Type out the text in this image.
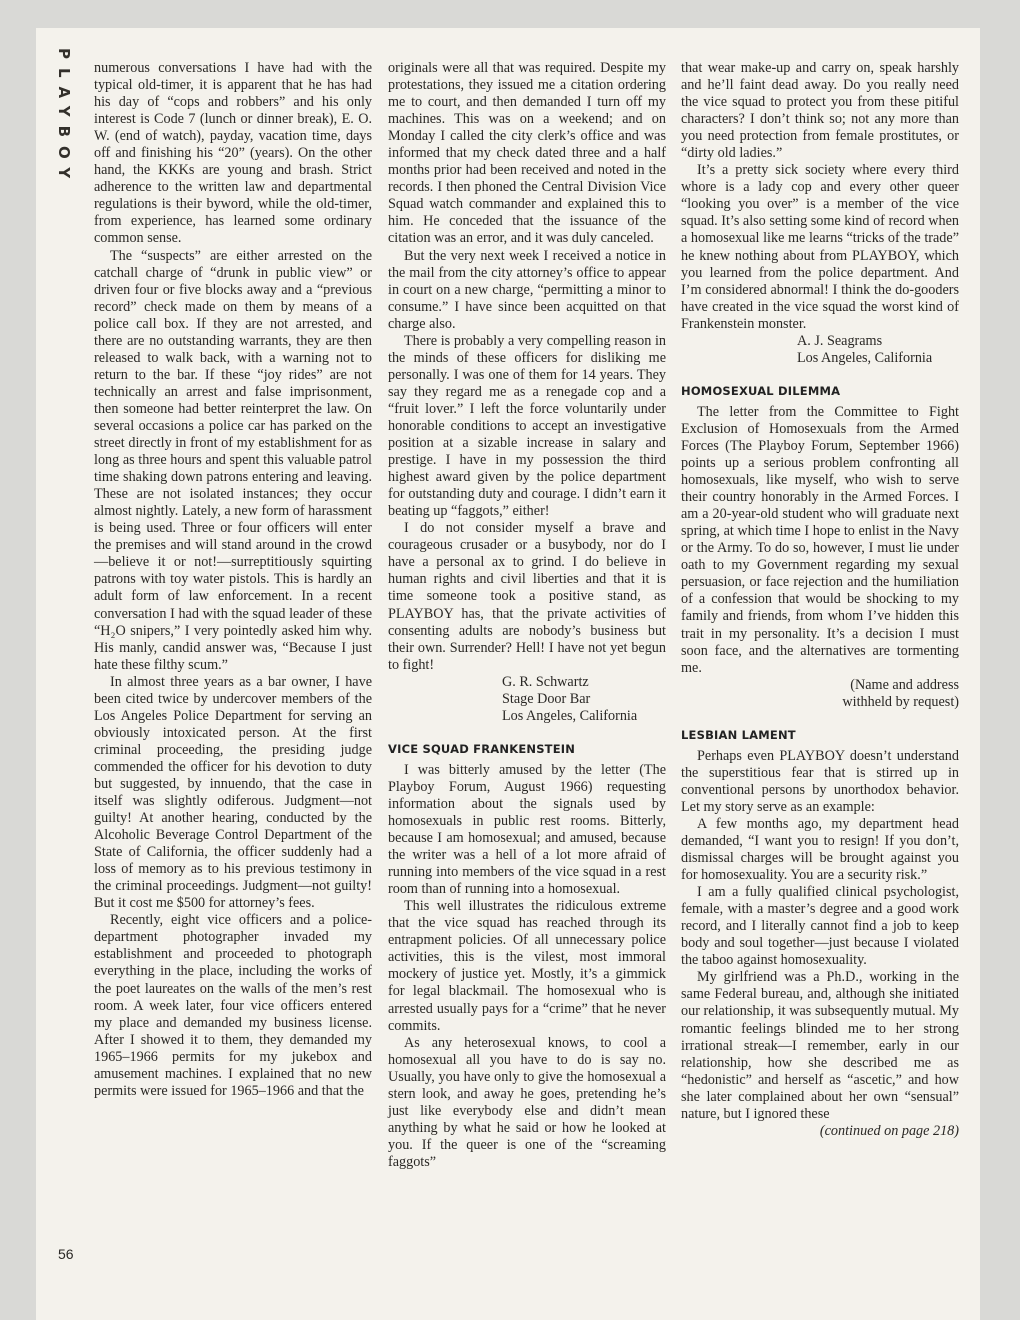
56

numerous conversations I have had with the typical old-timer, it is apparent that he has had his day of “cops and robbers” and his only interest is Code 7 (lunch or dinner break), E. O. W. (end of watch), payday, vacation time, days off and finishing his “20” (years). On the other hand, the KKKs are young and brash. Strict adherence to the written law and departmental regulations is their byword, while the old-timer, from experience, has learned some ordinary common sense.

The “suspects” are either arrested on the catchall charge of “drunk in public view” or driven four or five blocks away and a “previous record” check made on them by means of a police call box. If they are not arrested, and there are no outstanding warrants, they are then released to walk back, with a warning not to return to the bar. If these “joy rides” are not technically an arrest and false imprisonment, then someone had better reinterpret the law. On several occasions a police car has parked on the street directly in front of my establishment for as long as three hours and spent this valuable patrol time shaking down patrons entering and leaving. These are not isolated instances; they occur almost nightly. Lately, a new form of harassment is being used. Three or four officers will enter the premises and will stand around in the crowd—believe it or not!—surreptitiously squirting patrons with toy water pistols. This is hardly an adult form of law enforcement. In a recent conversation I had with the squad leader of these “H₂O snipers,” I very pointedly asked him why. His manly, candid answer was, “Because I just hate these filthy scum.”

In almost three years as a bar owner, I have been cited twice by undercover members of the Los Angeles Police Department for serving an obviously intoxicated person. At the first criminal proceeding, the presiding judge commended the officer for his devotion to duty but suggested, by innuendo, that the case in itself was slightly odiferous. Judgment—not guilty! At another hearing, conducted by the Alcoholic Beverage Control Department of the State of California, the officer suddenly had a loss of memory as to his previous testimony in the criminal proceedings. Judgment—not guilty! But it cost me $500 for attorney’s fees.

Recently, eight vice officers and a police-department photographer invaded my establishment and proceeded to photograph everything in the place, including the works of the poet laureates on the walls of the men’s rest room. A week later, four vice officers entered my place and demanded my business license. After I showed it to them, they demanded my 1965–1966 permits for my jukebox and amusement machines. I explained that no new permits were issued for 1965–1966 and that the

originals were all that was required. Despite my protestations, they issued me a citation ordering me to court, and then demanded I turn off my machines. This was on a weekend; and on Monday I called the city clerk’s office and was informed that my check dated three and a half months prior had been received and noted in the records. I then phoned the Central Division Vice Squad watch commander and explained this to him. He conceded that the issuance of the citation was an error, and it was duly canceled.

But the very next week I received a notice in the mail from the city attorney’s office to appear in court on a new charge, “permitting a minor to consume.” I have since been acquitted on that charge also.

There is probably a very compelling reason in the minds of these officers for disliking me personally. I was one of them for 14 years. They say they regard me as a renegade cop and a “fruit lover.” I left the force voluntarily under honorable conditions to accept an investigative position at a sizable increase in salary and prestige. I have in my possession the third highest award given by the police department for outstanding duty and courage. I didn’t earn it beating up “faggots,” either!

I do not consider myself a brave and courageous crusader or a busybody, nor do I have a personal ax to grind. I do believe in human rights and civil liberties and that it is time someone took a positive stand, as PLAYBOY has, that the private activities of consenting adults are nobody’s business but their own. Surrender? Hell! I have not yet begun to fight!

G. R. Schwartz
Stage Door Bar
Los Angeles, California
VICE SQUAD FRANKENSTEIN

I was bitterly amused by the letter (The Playboy Forum, August 1966) requesting information about the signals used by homosexuals in public rest rooms. Bitterly, because I am homosexual; and amused, because the writer was a hell of a lot more afraid of running into members of the vice squad in a rest room than of running into a homosexual.

This well illustrates the ridiculous extreme that the vice squad has reached through its entrapment policies. Of all unnecessary police activities, this is the vilest, most immoral mockery of justice yet. Mostly, it’s a gimmick for legal blackmail. The homosexual who is arrested usually pays for a “crime” that he never commits.

As any heterosexual knows, to cool a homosexual all you have to do is say no. Usually, you have only to give the homosexual a stern look, and away he goes, pretending he’s just like everybody else and didn’t mean anything by what he said or how he looked at you. If the queer is one of the “screaming faggots”

that wear make-up and carry on, speak harshly and he’ll faint dead away. Do you really need the vice squad to protect you from these pitiful characters? I don’t think so; not any more than you need protection from female prostitutes, or “dirty old ladies.”

It’s a pretty sick society where every third whore is a lady cop and every other queer “looking you over” is a member of the vice squad. It’s also setting some kind of record when a homosexual like me learns “tricks of the trade” he knew nothing about from PLAYBOY, which you learned from the police department. And I’m considered abnormal! I think the do-gooders have created in the vice squad the worst kind of Frankenstein monster.

A. J. Seagrams
Los Angeles, California
HOMOSEXUAL DILEMMA

The letter from the Committee to Fight Exclusion of Homosexuals from the Armed Forces (The Playboy Forum, September 1966) points up a serious problem confronting all homosexuals, like myself, who wish to serve their country honorably in the Armed Forces. I am a 20-year-old student who will graduate next spring, at which time I hope to enlist in the Navy or the Army. To do so, however, I must lie under oath to my Government regarding my sexual persuasion, or face rejection and the humiliation of a confession that would be shocking to my family and friends, from whom I’ve hidden this trait in my personality. It’s a decision I must soon face, and the alternatives are tormenting me.

(Name and address
withheld by request)
LESBIAN LAMENT

Perhaps even PLAYBOY doesn’t understand the superstitious fear that is stirred up in conventional persons by unorthodox behavior. Let my story serve as an example:

A few months ago, my department head demanded, “I want you to resign! If you don’t, dismissal charges will be brought against you for homosexuality. You are a security risk.”

I am a fully qualified clinical psychologist, female, with a master’s degree and a good work record, and I literally cannot find a job to keep body and soul together—just because I violated the taboo against homosexuality.

My girlfriend was a Ph.D., working in the same Federal bureau, and, although she initiated our relationship, it was subsequently mutual. My romantic feelings blinded me to her strong irrational streak—I remember, early in our relationship, how she described me as “hedonistic” and herself as “ascetic,” and how she later complained about her own “sensual” nature, but I ignored these

(continued on page 218)
